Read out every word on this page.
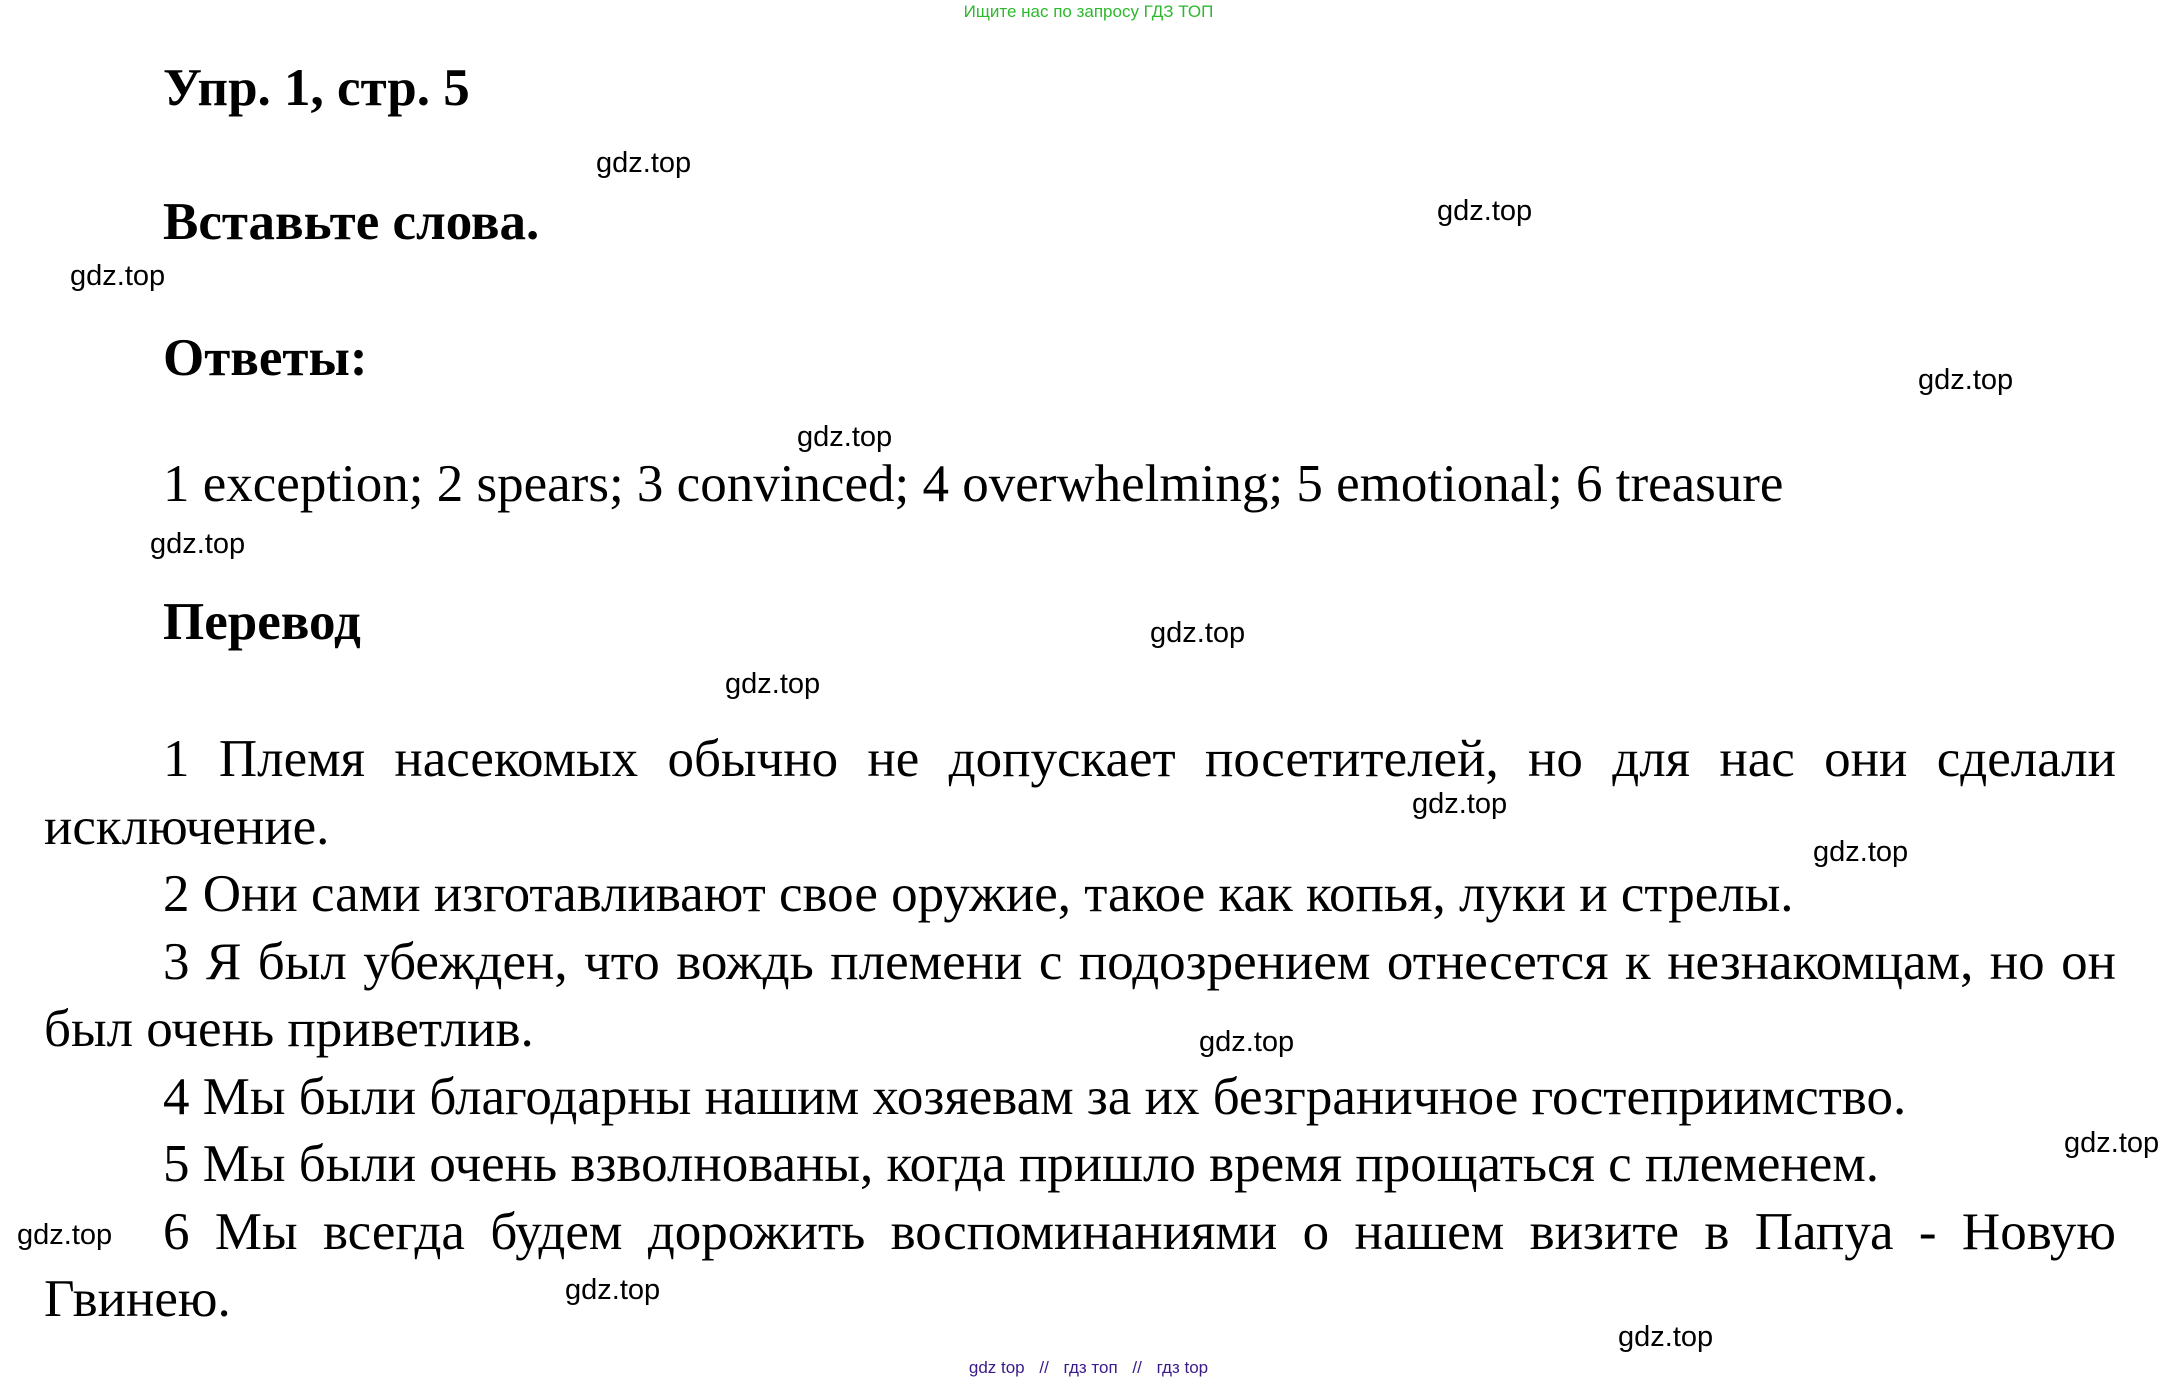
Ищите нас по запросу ГДЗ ТОП
Упр. 1, стр. 5
Вставьте слова.
Ответы:
1 exception; 2 spears; 3 convinced; 4 overwhelming; 5 emotional; 6 treasure
Перевод

1 Племя насекомых обычно не допускает посетителей, но для нас они сделали исключение.

2 Они сами изготавливают свое оружие, такое как копья, луки и стрелы.

3 Я был убежден, что вождь племени с подозрением отнесется к незнакомцам, но он был очень приветлив.

4 Мы были благодарны нашим хозяевам за их безграничное гостеприимство.

5 Мы были очень взволнованы, когда пришло время прощаться с племенем.

6 Мы всегда будем дорожить воспоминаниями о нашем визите в Папуа - Новую Гвинею.

gdz.top
gdz.top
gdz.top
gdz.top
gdz.top
gdz.top
gdz.top
gdz.top
gdz.top
gdz.top
gdz.top
gdz.top
gdz.top
gdz.top
gdz.top
gdz top // гдз топ // гдз top
